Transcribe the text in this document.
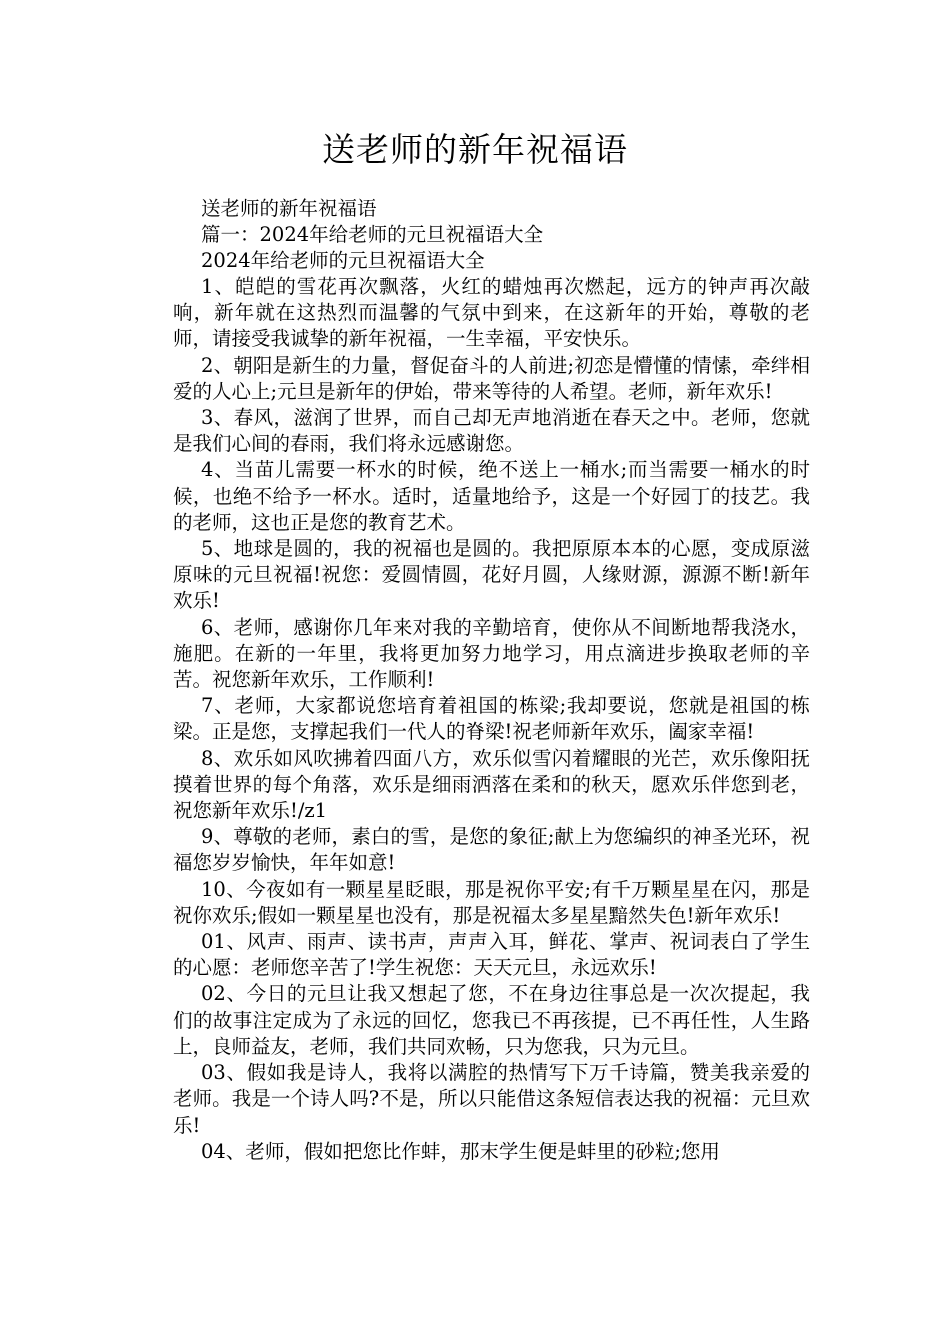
送老师的新年祝福语

送老师的新年祝福语

篇一：2024年给老师的元旦祝福语大全

2024年给老师的元旦祝福语大全

1、皑皑的雪花再次飘落，火红的蜡烛再次燃起，远方的钟声再次敲响，新年就在这热烈而温馨的气氛中到来，在这新年的开始，尊敬的老师，请接受我诚挚的新年祝福，一生幸福，平安快乐。

2、朝阳是新生的力量，督促奋斗的人前进;初恋是懵懂的情愫，牵绊相爱的人心上;元旦是新年的伊始，带来等待的人希望。老师，新年欢乐!

3、春风，滋润了世界，而自己却无声地消逝在春天之中。老师，您就是我们心间的春雨，我们将永远感谢您。

4、当苗儿需要一杯水的时候，绝不送上一桶水;而当需要一桶水的时候，也绝不给予一杯水。适时，适量地给予，这是一个好园丁的技艺。我的老师，这也正是您的教育艺术。

5、地球是圆的，我的祝福也是圆的。我把原原本本的心愿，变成原滋原味的元旦祝福!祝您：爱圆情圆，花好月圆，人缘财源，源源不断!新年欢乐!

6、老师，感谢你几年来对我的辛勤培育，使你从不间断地帮我浇水，施肥。在新的一年里，我将更加努力地学习，用点滴进步换取老师的辛苦。祝您新年欢乐，工作顺利!

7、老师，大家都说您培育着祖国的栋梁;我却要说，您就是祖国的栋梁。正是您，支撑起我们一代人的脊梁!祝老师新年欢乐，阖家幸福!

8、欢乐如风吹拂着四面八方，欢乐似雪闪着耀眼的光芒，欢乐像阳抚摸着世界的每个角落，欢乐是细雨洒落在柔和的秋天，愿欢乐伴您到老，祝您新年欢乐!/z1

9、尊敬的老师，素白的雪，是您的象征;献上为您编织的神圣光环，祝福您岁岁愉快，年年如意!

10、今夜如有一颗星星眨眼，那是祝你平安;有千万颗星星在闪，那是祝你欢乐;假如一颗星星也没有，那是祝福太多星星黯然失色!新年欢乐!

01、风声、雨声、读书声，声声入耳，鲜花、掌声、祝词表白了学生的心愿：老师您辛苦了!学生祝您：天天元旦，永远欢乐!

02、今日的元旦让我又想起了您，不在身边往事总是一次次提起，我们的故事注定成为了永远的回忆，您我已不再孩提，已不再任性，人生路上，良师益友，老师，我们共同欢畅，只为您我，只为元旦。

03、假如我是诗人，我将以满腔的热情写下万千诗篇，赞美我亲爱的老师。我是一个诗人吗?不是，所以只能借这条短信表达我的祝福：元旦欢乐!

04、老师，假如把您比作蚌，那末学生便是蚌里的砂粒;您用
